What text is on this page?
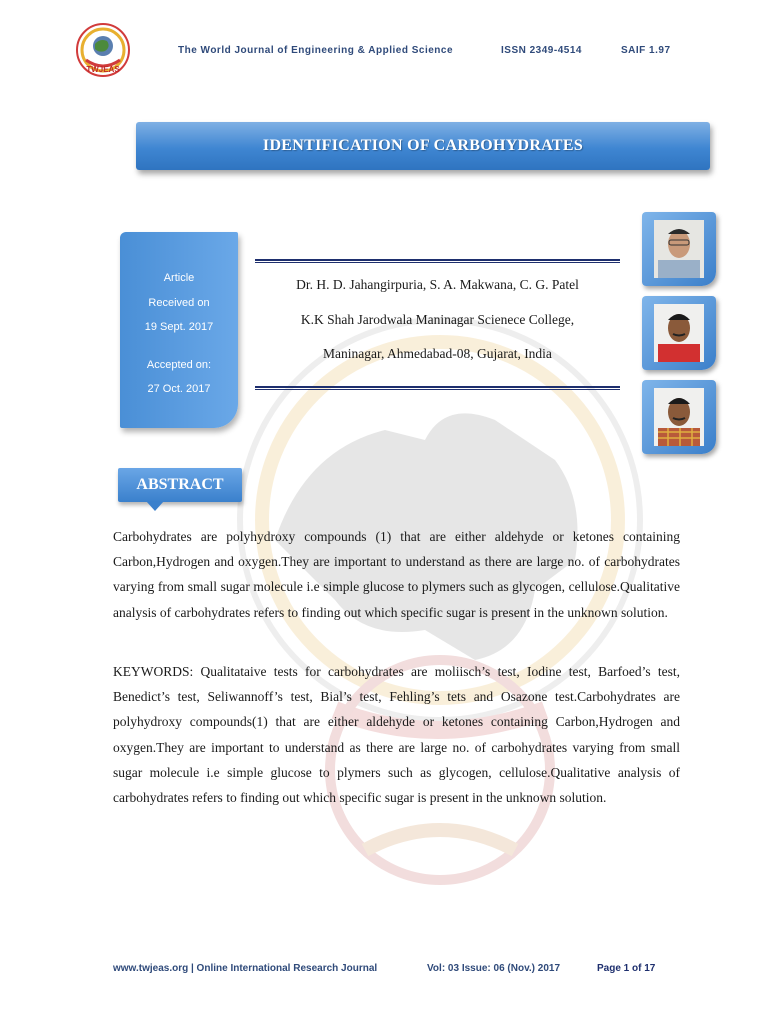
TWJEAS
The World Journal of Engineering & Applied Science	ISSN 2349-4514	SAIF 1.97
IDENTIFICATION OF CARBOHYDRATES
Article
Received on
19 Sept. 2017
Accepted on:
27 Oct. 2017
Dr. H. D. Jahangirpuria, S. A. Makwana, C. G. Patel
K.K Shah Jarodwala Maninagar Scienece College,
Maninagar, Ahmedabad-08, Gujarat, India
ABSTRACT

Carbohydrates are polyhydroxy compounds (1) that are either aldehyde or ketones containing Carbon,Hydrogen and oxygen.They are important to understand as there are large no. of carbohydrates varying from small sugar molecule i.e simple glucose to plymers such as glycogen, cellulose.Qualitative analysis of carbohydrates refers to finding out which specific sugar is present in the unknown solution.

KEYWORDS: Qualitataive tests for carbohydrates are moliisch’s test, Iodine test, Barfoed’s test, Benedict’s test, Seliwannoff’s test, Bial’s test, Fehling’s tets and Osazone test.Carbohydrates are polyhydroxy compounds(1) that are either aldehyde or ketones containing Carbon,Hydrogen and oxygen.They are important to understand as there are large no. of carbohydrates varying from small sugar molecule i.e simple glucose to plymers such as glycogen, cellulose.Qualitative analysis of carbohydrates refers to finding out which specific sugar is present in the unknown solution.

www.twjeas.org | Online International Research Journal	Vol: 03 Issue: 06 (Nov.) 2017	Page 1 of 17
